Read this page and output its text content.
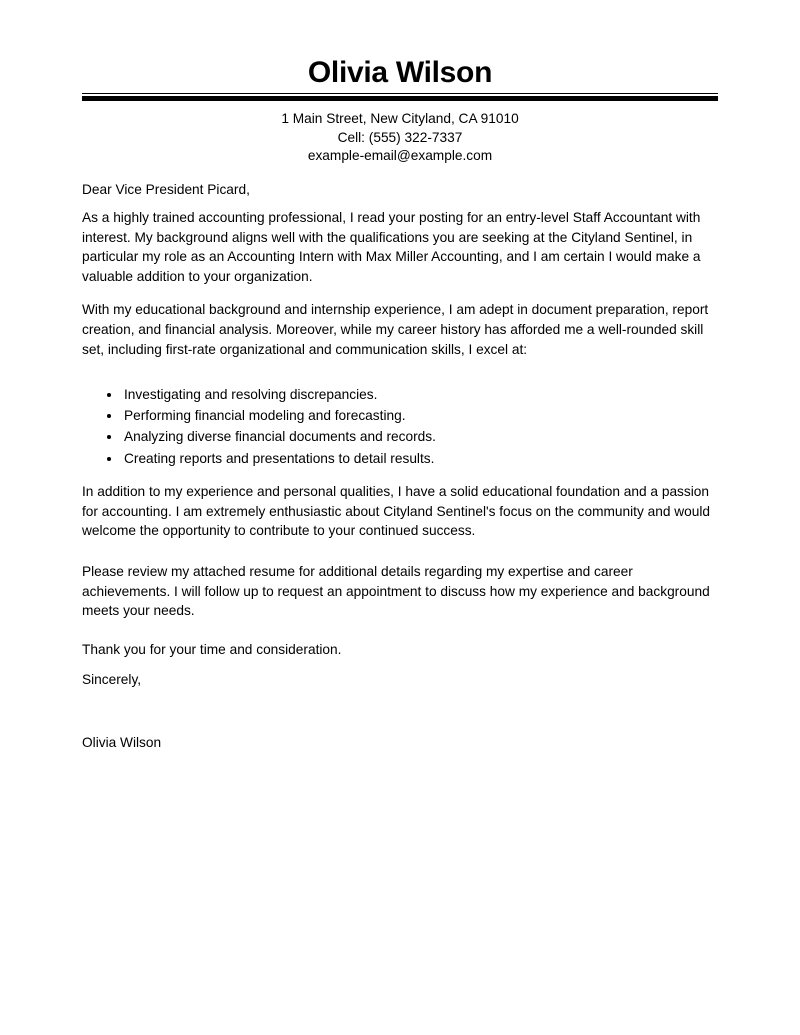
Olivia Wilson
1 Main Street, New Cityland, CA 91010
Cell: (555) 322-7337
example-email@example.com

Dear Vice President Picard,

As a highly trained accounting professional, I read your posting for an entry-level Staff Accountant with interest. My background aligns well with the qualifications you are seeking at the Cityland Sentinel, in particular my role as an Accounting Intern with Max Miller Accounting, and I am certain I would make a valuable addition to your organization.

With my educational background and internship experience, I am adept in document preparation, report creation, and financial analysis. Moreover, while my career history has afforded me a well-rounded skill set, including first-rate organizational and communication skills, I excel at:

• Investigating and resolving discrepancies.
• Performing financial modeling and forecasting.
• Analyzing diverse financial documents and records.
• Creating reports and presentations to detail results.

In addition to my experience and personal qualities, I have a solid educational foundation and a passion for accounting. I am extremely enthusiastic about Cityland Sentinel's focus on the community and would welcome the opportunity to contribute to your continued success.

Please review my attached resume for additional details regarding my expertise and career achievements. I will follow up to request an appointment to discuss how my experience and background meets your needs.

Thank you for your time and consideration.

Sincerely,

Olivia Wilson
